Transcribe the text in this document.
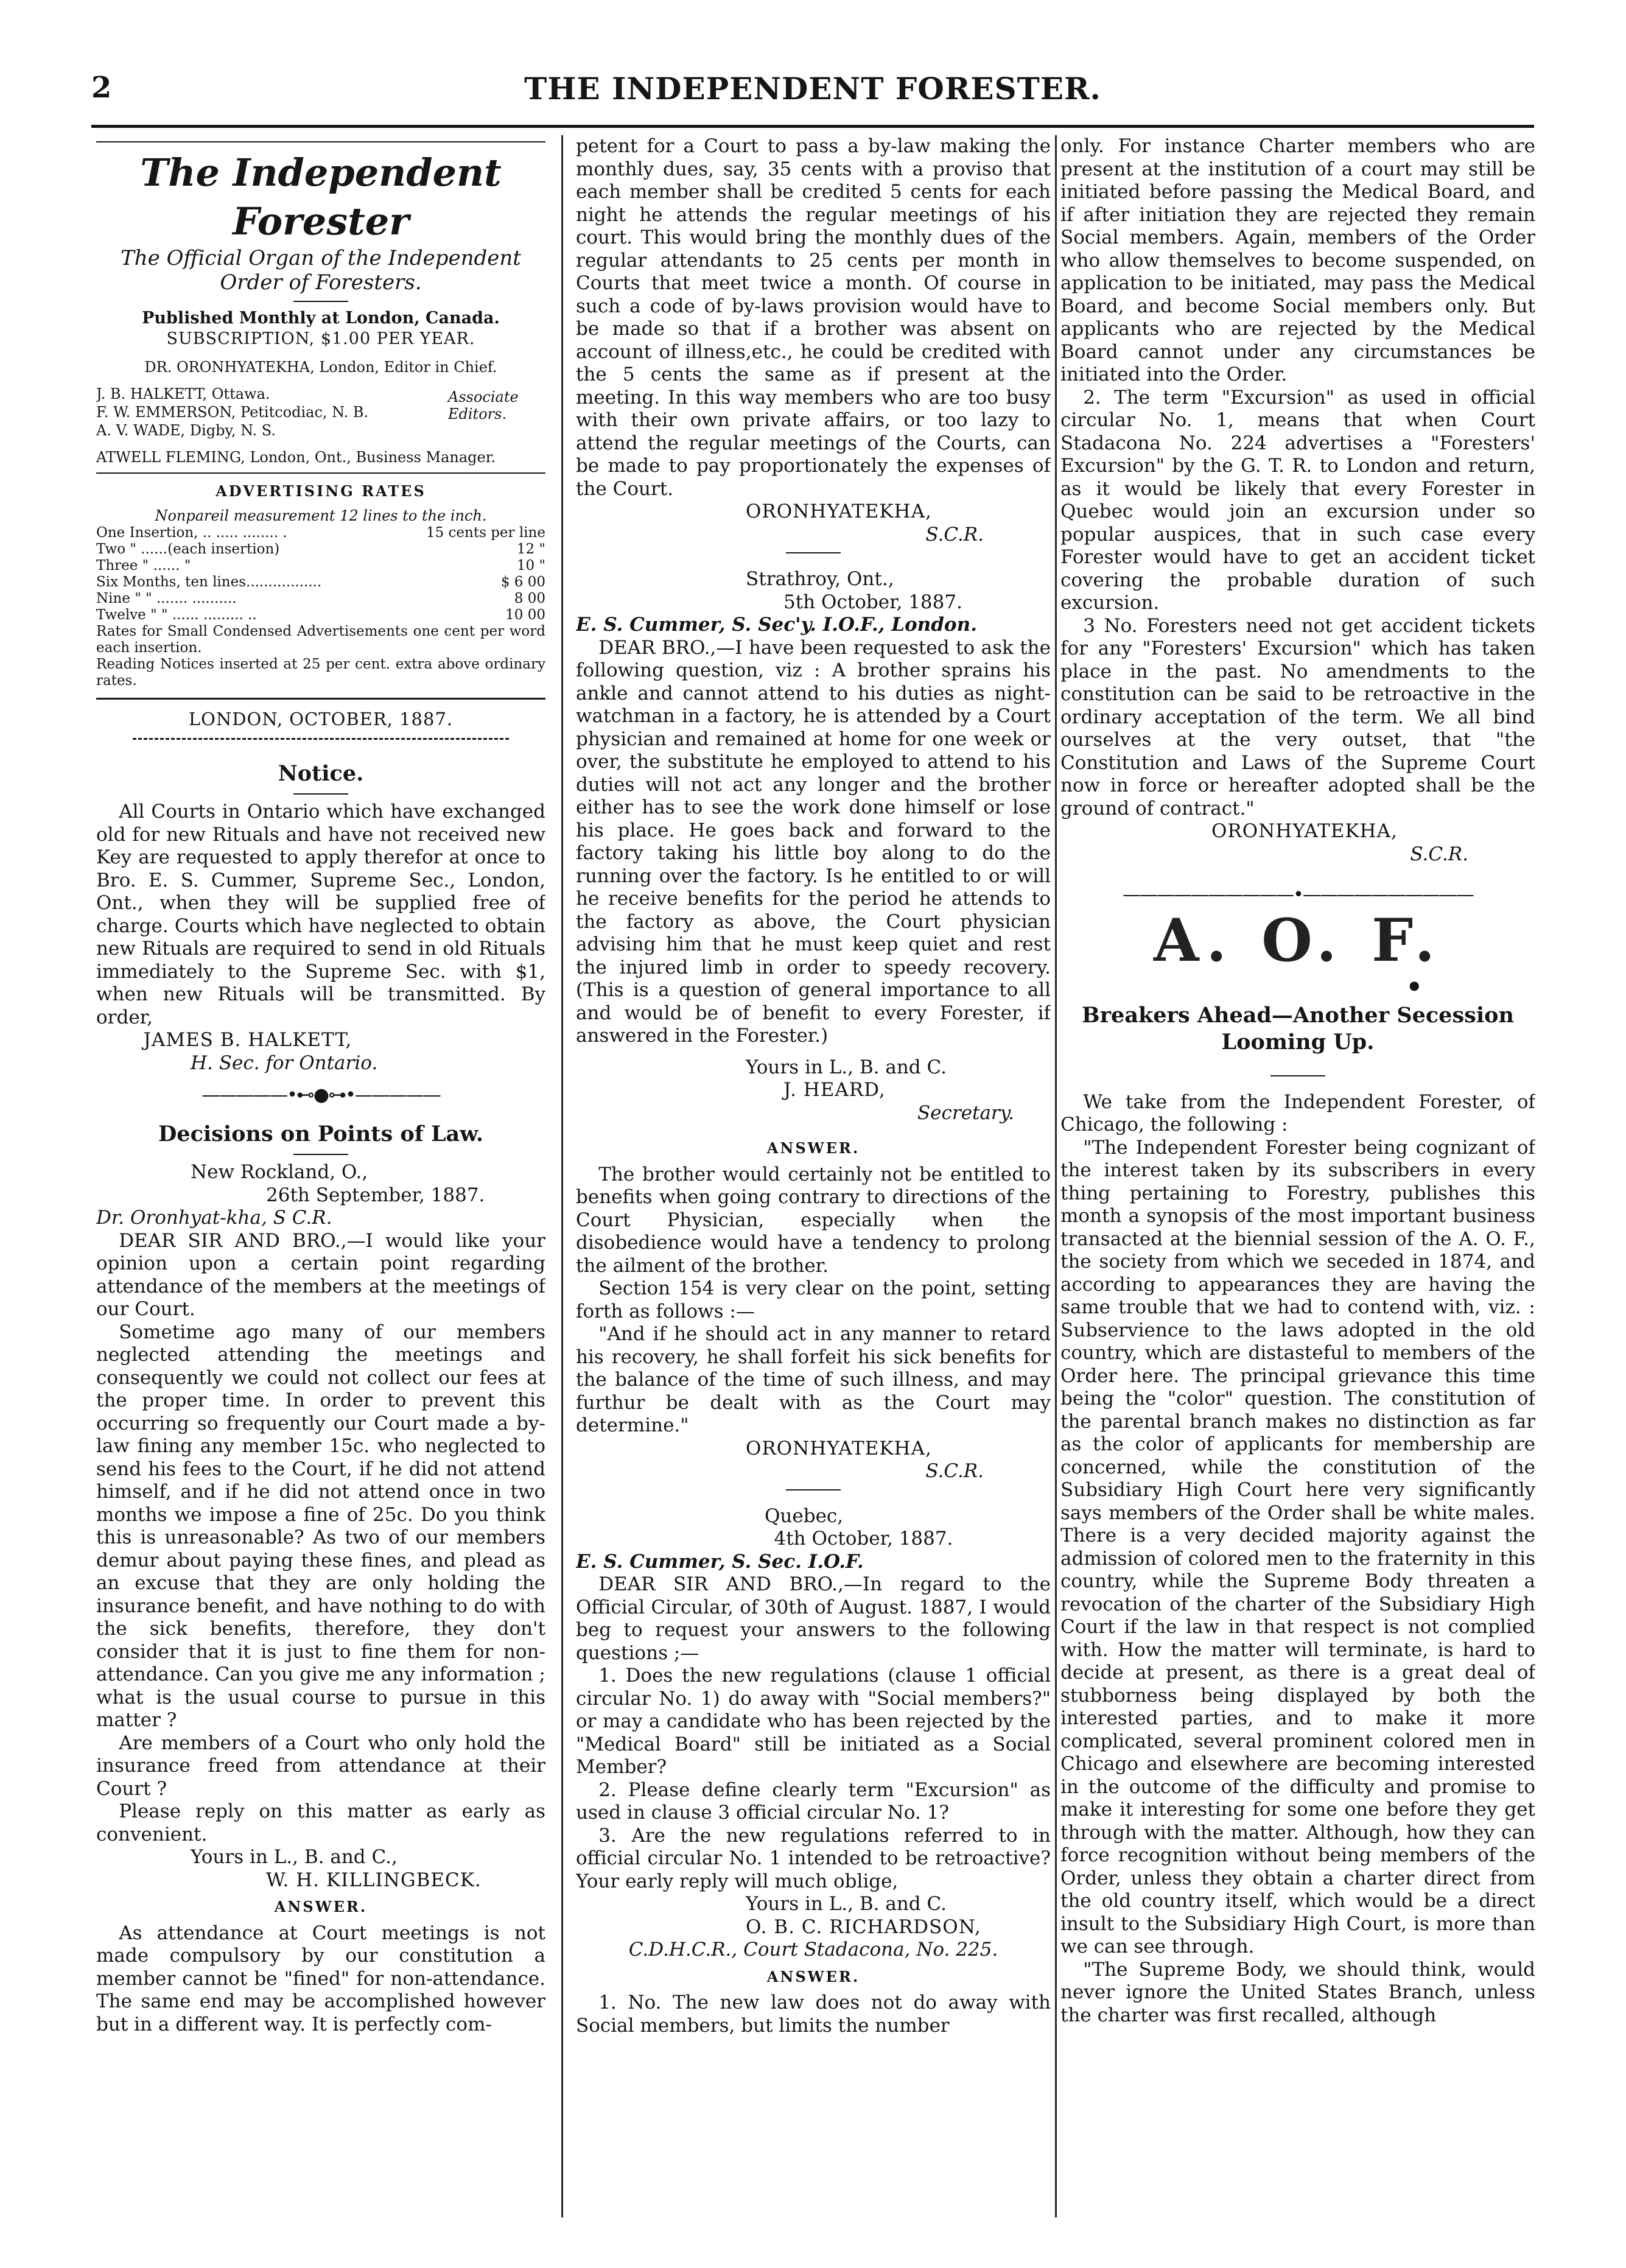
2	THE INDEPENDENT FORESTER.
The Independent Forester
The Official Organ of the Independent Order of Foresters.
Published Monthly at London, Canada.
SUBSCRIPTION, $1.00 PER YEAR.
DR. ORONHYATEKHA, London, Editor in Chief.
J. B. HALKETT, Ottawa.
F. W. EMMERSON, Petitcodiac, N. B.
A. V. WADE, Digby, N. S.
Associate Editors.
ATWELL FLEMING, London, Ont., Business Manager.
ADVERTISING RATES
Nonpareil measurement 12 lines to the inch.
One Insertion, .. ..... ........ .	15 cents per line
Two " ......(each insertion)	12 "
Three " ...... "	10 "
Six Months, ten lines.................	$ 6 00
Nine " " ....... ..........	8 00
Twelve " " ...... ......... ..	10 00
Rates for Small Condensed Advertisements one cent per word each insertion.
Reading Notices inserted at 25 per cent. extra above ordinary rates.
LONDON, OCTOBER, 1887.
Notice.

All Courts in Ontario which have exchanged old for new Rituals and have not received new Key are requested to apply therefor at once to Bro. E. S. Cummer, Supreme Sec., London, Ont., when they will be supplied free of charge. Courts which have neglected to obtain new Rituals are required to send in old Rituals immediately to the Supreme Sec. with $1, when new Rituals will be transmitted. By order,

JAMES B. HALKETT,
H. Sec. for Ontario.
—————•⊷●⊶•—————
Decisions on Points of Law.
New Rockland, O.,
26th September, 1887.

Dr. Oronhyat-kha, S C.R.

DEAR SIR AND BRO.,—I would like your opinion upon a certain point regarding attendance of the members at the meetings of our Court.

Sometime ago many of our members neglected attending the meetings and consequently we could not collect our fees at the proper time. In order to prevent this occurring so frequently our Court made a by-law fining any member 15c. who neglected to send his fees to the Court, if he did not attend himself, and if he did not attend once in two months we impose a fine of 25c. Do you think this is unreasonable? As two of our members demur about paying these fines, and plead as an excuse that they are only holding the insurance benefit, and have nothing to do with the sick benefits, therefore, they don't consider that it is just to fine them for non-attendance. Can you give me any information ; what is the usual course to pursue in this matter ?

Are members of a Court who only hold the insurance freed from attendance at their Court ?

Please reply on this matter as early as convenient.

Yours in L., B. and C.,
W. H. KILLINGBECK.
ANSWER.

As attendance at Court meetings is not made compulsory by our constitution a member cannot be "fined" for non-attendance. The same end may be accomplished however but in a different way. It is perfectly com-

petent for a Court to pass a by-law making the monthly dues, say, 35 cents with a proviso that each member shall be credited 5 cents for each night he attends the regular meetings of his court. This would bring the monthly dues of the regular attendants to 25 cents per month in Courts that meet twice a month. Of course in such a code of by-laws provision would have to be made so that if a brother was absent on account of illness,etc., he could be credited with the 5 cents the same as if present at the meeting. In this way members who are too busy with their own private affairs, or too lazy to attend the regular meetings of the Courts, can be made to pay proportionately the expenses of the Court.

ORONHYATEKHA,
S.C.R.
Strathroy, Ont.,
5th October, 1887.

E. S. Cummer, S. Sec'y. I.O.F., London.

DEAR BRO.,—I have been requested to ask the following question, viz : A brother sprains his ankle and cannot attend to his duties as night-watchman in a factory, he is attended by a Court physician and remained at home for one week or over, the substitute he employed to attend to his duties will not act any longer and the brother either has to see the work done himself or lose his place. He goes back and forward to the factory taking his little boy along to do the running over the factory. Is he entitled to or will he receive benefits for the period he attends to the factory as above, the Court physician advising him that he must keep quiet and rest the injured limb in order to speedy recovery. (This is a question of general importance to all and would be of benefit to every Forester, if answered in the Forester.)

Yours in L., B. and C.
J. HEARD,
Secretary.
ANSWER.

The brother would certainly not be entitled to benefits when going contrary to directions of the Court Physician, especially when the disobedience would have a tendency to prolong the ailment of the brother.

Section 154 is very clear on the point, setting forth as follows :—

"And if he should act in any manner to retard his recovery, he shall forfeit his sick benefits for the balance of the time of such illness, and may furthur be dealt with as the Court may determine."

ORONHYATEKHA,
S.C.R.
Quebec,
4th October, 1887.

E. S. Cummer, S. Sec. I.O.F.

DEAR SIR AND BRO.,—In regard to the Official Circular, of 30th of August. 1887, I would beg to request your answers to the following questions ;—

1. Does the new regulations (clause 1 official circular No. 1) do away with "Social members?" or may a candidate who has been rejected by the "Medical Board" still be initiated as a Social Member?

2. Please define clearly term "Excursion" as used in clause 3 official circular No. 1?

3. Are the new regulations referred to in official circular No. 1 intended to be retroactive? Your early reply will much oblige,

Yours in L., B. and C.
O. B. C. RICHARDSON,
C.D.H.C.R., Court Stadacona, No. 225.
ANSWER.

1. No. The new law does not do away with Social members, but limits the number

only. For instance Charter members who are present at the institution of a court may still be initiated before passing the Medical Board, and if after initiation they are rejected they remain Social members. Again, members of the Order who allow themselves to become suspended, on application to be initiated, may pass the Medical Board, and become Social members only. But applicants who are rejected by the Medical Board cannot under any circumstances be initiated into the Order.

2. The term "Excursion" as used in official circular No. 1, means that when Court Stadacona No. 224 advertises a "Foresters' Excursion" by the G. T. R. to London and return, as it would be likely that every Forester in Quebec would join an excursion under so popular auspices, that in such case every Forester would have to get an accident ticket covering the probable duration of such excursion.

3 No. Foresters need not get accident tickets for any "Foresters' Excursion" which has taken place in the past. No amendments to the constitution can be said to be retroactive in the ordinary acceptation of the term. We all bind ourselves at the very outset, that "the Constitution and Laws of the Supreme Court now in force or hereafter adopted shall be the ground of contract."

ORONHYATEKHA,
S.C.R.
——————————•——————————
A. O. F.
●
Breakers Ahead—Another Secession Looming Up.

We take from the Independent Forester, of Chicago, the following :

"The Independent Forester being cognizant of the interest taken by its subscribers in every thing pertaining to Forestry, publishes this month a synopsis of the most important business transacted at the biennial session of the A. O. F., the society from which we seceded in 1874, and according to appearances they are having the same trouble that we had to contend with, viz. : Subservience to the laws adopted in the old country, which are distasteful to members of the Order here. The principal grievance this time being the "color" question. The constitution of the parental branch makes no distinction as far as the color of applicants for membership are concerned, while the constitution of the Subsidiary High Court here very significantly says members of the Order shall be white males. There is a very decided majority against the admission of colored men to the fraternity in this country, while the Supreme Body threaten a revocation of the charter of the Subsidiary High Court if the law in that respect is not complied with. How the matter will terminate, is hard to decide at present, as there is a great deal of stubborness being displayed by both the interested parties, and to make it more complicated, several prominent colored men in Chicago and elsewhere are becoming interested in the outcome of the difficulty and promise to make it interesting for some one before they get through with the matter. Although, how they can force recognition without being members of the Order, unless they obtain a charter direct from the old country itself, which would be a direct insult to the Subsidiary High Court, is more than we can see through.

"The Supreme Body, we should think, would never ignore the United States Branch, unless the charter was first recalled, although
